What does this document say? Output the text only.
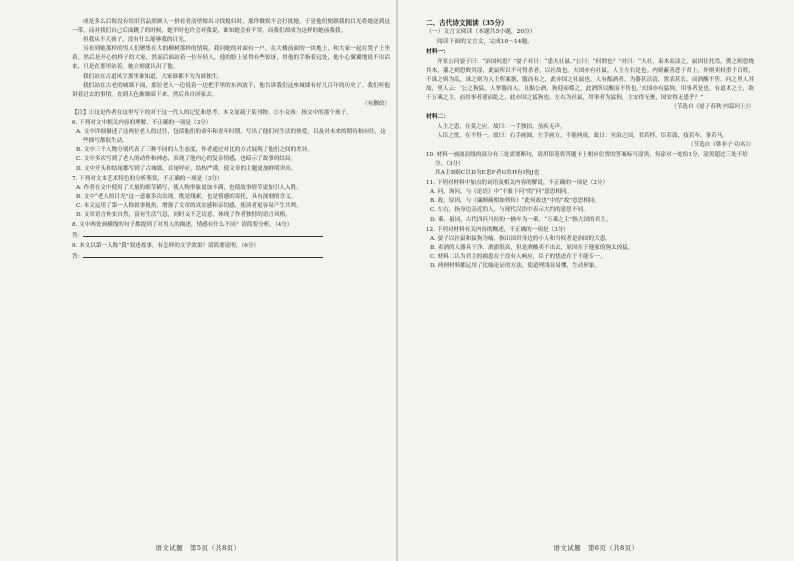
成是多么后悔没有给旧宫品照顾人一拼看者清壁嫁出寻找媳妇时，那佯做娱不会打扰她，于是他们便跟我的目光将她送到这一带，而对我们自己后面跳了的时候，她平时也许会对我说，谁知她会看不穿，而我们却成为这样的她前我我。

但我从不大孩子，没有什么能够我的目光。

另看到她那样的男人们聚集在大的柳树那样的情境，我问她的对面有一户，在大楼前面的一块地上，和大家一起在凳子上坐着，然后是开心的样子的大家。然而后面站着一位年轻人，他的脸上显得有些惊讶，用他的手指着远处，他小心翼翼地说不出话来，只是在那里站着，她立刻就认出了他。

我们站在古道风尘那里谁知道，大家谁都不为为谁独生。

我们站在古老的城墙下面，那位老人一边说着一边把手里的东西放下，他告诉我们这座城墙有好几百年的历史了。我们听他讲着过去的事情，直到天色渐渐暗下来，然后各自回家去。

（有删改）

【注】①这是作者在这里写下的对于这一代人的记忆和思考，本文原载于某刊物。②小女孩：指文中的那个孩子。

6. 下列对文中相关内容的理解，不正确的一项是（3分）

A. 文中详细描述了这两位老人的过往，包括他们的童年和青年时期，写出了他们对生活的热爱，以及对未来的期待和向往，这些描写都很生动。

B. 文中三个人物分别代表了三种不同的人生态度，作者通过对比的方式展现了他们之间的差异。

C. 文中多次写到了老人的动作和神态，表现了他内心的复杂情感，也暗示了故事的结局。

D. 文中开头和结尾都写到了古城墙，首尾呼应，结构严谨，使文章的主题更加鲜明突出。

7. 下列对文本艺术特色的分析鉴赏，不正确的一项是（3分）

A. 作者在文中使用了大量的细节描写，使人物形象更加丰满，也使故事情节更加引人入胜。

B. 文中“老人的目光”这一意象多次出现，既是线索，也是情感的寄托，具有深刻的含义。

C. 本文运用了第一人称叙事视角，增强了文章的真实感和亲切感，使读者更容易产生共鸣。

D. 文章语言朴实自然，富有生活气息，同时又不乏诗意，体现了作者独特的语言风格。

8. 文中两处画横线的句子都提到了对男人的描述，情感有什么不同？请简要分析。（4分）

答：

9. 本文以第一人称“我”叙述故事，有怎样的文学效果？请简要说明。（6分）

答：

语文试题　第5页（共8页）

二、古代诗文阅读（35分）

（一）文言文阅读（本题共5小题，20分）

阅读下面的文言文，完成10～14题。

材料一：

齐景公问晏子曰：“治国何患？”晏子对曰：“患夫社鼠。”公曰：“何谓也？”对曰：“夫社，束木而涂之，鼠因往托焉。熏之则恐烧其木，灌之则恐败其涂，此鼠所以不可得杀者，以社故也。夫国亦有社鼠，人主左右是也。内则蔽善恶于君上，外则卖权重于百姓，不诛之则为乱，诛之则为人主所案据，腹而有之，此亦国之社鼠也。人有酤酒者，为器甚洁清，置表甚长，而酒酸不售。问之里人其故，里人云：‘公之狗猛，人挈器而入，且酤公酒，狗迎而噬之，此酒所以酸而不售也。’夫国亦有猛狗，用事者是也。有道术之士，欲干万乘之主，而用事者迎而龁之，此亦国之猛狗也。左右为社鼠，用事者为猛狗，主安得无壅，国安得无患乎？”

（节选自《晏子春秋·内篇问上》）

材料二：

人主之患，在莫之应。故曰：一手独拍，虽疾无声。

人臣之忧，在不得一。故曰：右手画圆，左手画方，不能两成。故曰：至治之国，君若桴，臣若鼓，技若车，事若马。

（节选自《韩非子·功名》）

10. 材料一画波浪线的部分有三处需要断句，请用铅笔将答题卡上相应位置的答案标号涂黑，每涂对一处给1分，涂黑超过三处不给分。（3分）

其A主B则C以D为E患F者G矣H有I狗J也

11. 下列对材料中加点的词语及相关内容的解说，不正确的一项是（3分）

A. 问，询问，与《论语》中“不耻下问”的“问”意思相同。

B. 故，原因，与《廉颇蔺相如列传》“此何故也”中的“故”意思相同。

C. 左右，指身边亲近的人，与现代汉语中表示大约的意思不同。

D. 乘，量词，古代四匹马拉的一辆车为一乘，“万乘之主”指大国的君主。

12. 下列对材料有关内容的概述，不正确的一项是（3分）

A. 晏子以社鼠和猛狗为喻，指出国君身边的小人和当权者是治国的大患。

B. 卖酒的人器具干净、酒旗很高，但是酒酸卖不出去，原因在于他家的狗太凶猛。

C. 材料二认为君主的祸患在于没有人响应，臣子的忧虑在于不能专一。

D. 两则材料都运用了比喻论证的方法，使道理浅显易懂，生动形象。

语文试题　第6页（共8页）
